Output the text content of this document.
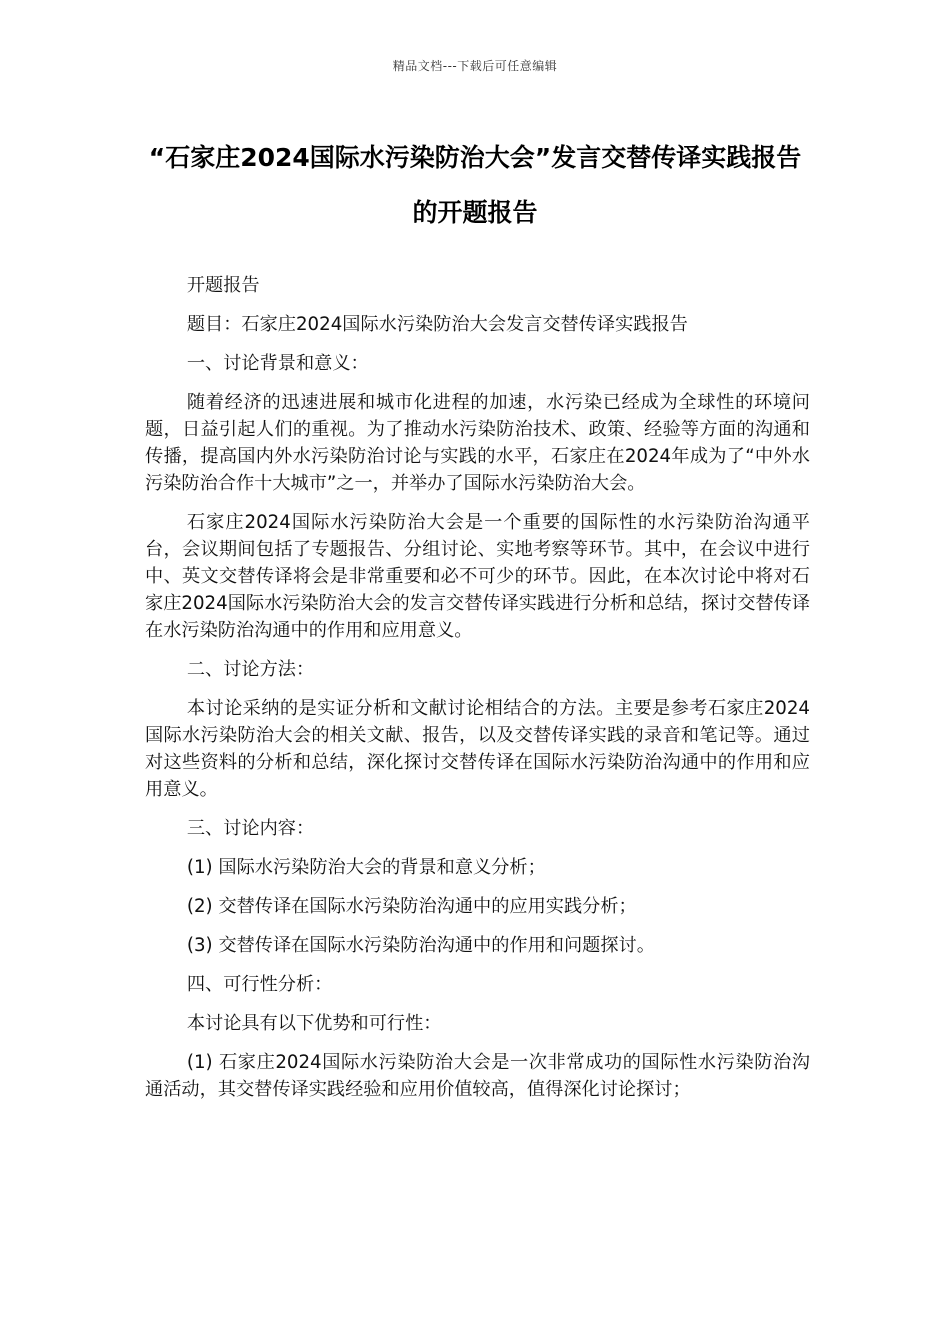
精品文档---下载后可任意编辑
“石家庄2024国际水污染防治大会”发言交替传译实践报告的开题报告

开题报告

题目：石家庄2024国际水污染防治大会发言交替传译实践报告

一、讨论背景和意义：

随着经济的迅速进展和城市化进程的加速，水污染已经成为全球性的环境问题，日益引起人们的重视。为了推动水污染防治技术、政策、经验等方面的沟通和传播，提高国内外水污染防治讨论与实践的水平，石家庄在2024年成为了“中外水污染防治合作十大城市”之一，并举办了国际水污染防治大会。

石家庄2024国际水污染防治大会是一个重要的国际性的水污染防治沟通平台，会议期间包括了专题报告、分组讨论、实地考察等环节。其中，在会议中进行中、英文交替传译将会是非常重要和必不可少的环节。因此，在本次讨论中将对石家庄2024国际水污染防治大会的发言交替传译实践进行分析和总结，探讨交替传译在水污染防治沟通中的作用和应用意义。

二、讨论方法：

本讨论采纳的是实证分析和文献讨论相结合的方法。主要是参考石家庄2024国际水污染防治大会的相关文献、报告，以及交替传译实践的录音和笔记等。通过对这些资料的分析和总结，深化探讨交替传译在国际水污染防治沟通中的作用和应用意义。

三、讨论内容：

(1) 国际水污染防治大会的背景和意义分析；

(2) 交替传译在国际水污染防治沟通中的应用实践分析；

(3) 交替传译在国际水污染防治沟通中的作用和问题探讨。

四、可行性分析：

本讨论具有以下优势和可行性：

(1) 石家庄2024国际水污染防治大会是一次非常成功的国际性水污染防治沟通活动，其交替传译实践经验和应用价值较高，值得深化讨论探讨；
